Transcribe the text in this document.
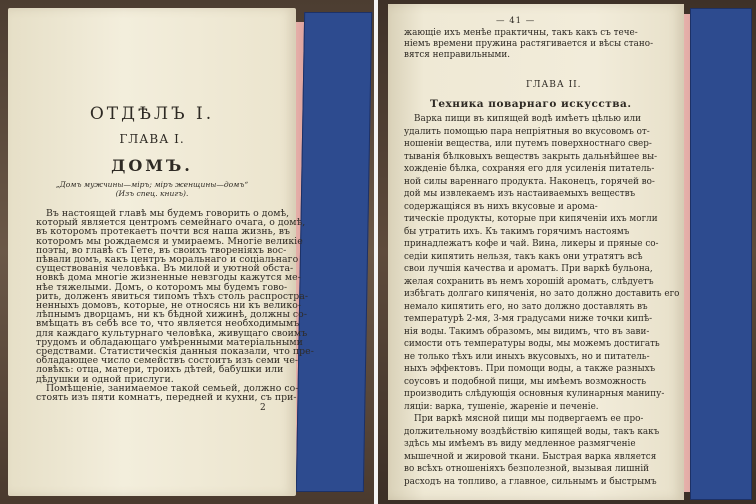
ОТДѢЛЪ I.
ГЛАВА I.
ДОМЪ.
„Домъ мужчины—міръ; міръ женщины—домъ“
(Изъ спец. книгъ).
Въ настоящей главѣ мы будемъ говорить о домѣ,
который является центромъ семейнаго очага, о домѣ,
въ которомъ протекаетъ почти вся наша жизнь, въ
которомъ мы рождаемся и умираемъ. Многіе великіе
поэты, во главѣ съ Гете, въ своихъ твореніяхъ вос-
пѣвали домъ, какъ центръ моральнаго и соціальнаго
существованія человѣка. Въ милой и уютной обста-
новкѣ дома многіе жизненные невзгоды кажутся ме-
нѣе тяжелыми. Домъ, о которомъ мы будемъ гово-
рить, долженъ явиться типомъ тѣхъ столь распростра-
ненныхъ домовъ, которые, не относясь ни къ велико-
лѣпнымъ дворцамъ, ни къ бѣдной хижинѣ, должны со-
вмѣщать въ себѣ все то, что является необходимымъ
для каждаго культурнаго человѣка, живущаго своимъ
трудомъ и обладающаго умѣренными матеріальными
средствами. Статистическія данныя показали, что пре-
обладающее число семействъ состоитъ изъ семи че-
ловѣкъ: отца, матери, троихъ дѣтей, бабушки или
дѣдушки и одной прислуги.
Помѣщеніе, занимаемое такой семьей, должно со-
стоять изъ пяти комнатъ, передней и кухни, съ при-
2
— 41 —
жающіе ихъ менѣе практичны, такъ какъ съ тече-
ніемъ времени пружина растягивается и вѣсы стано-
вятся неправильными.
ГЛАВА II.
Техника поварнаго искусства.
Варка пищи въ кипящей водѣ имѣетъ цѣлью или
удалить помощью пара непріятныя во вкусовомъ от-
ношеніи вещества, или путемъ поверхностнаго свер-
тыванія бѣлковыхъ веществъ закрыть дальнѣйшее вы-
хожденіе бѣлка, сохраняя его для усиленія питатель-
ной силы вареннаго продукта. Наконецъ, горячей во-
дой мы извлекаемъ изъ настаиваемыхъ веществъ
содержащіяся въ нихъ вкусовые и арома-
тическіе продукты, которые при кипяченіи ихъ могли
бы утратить ихъ. Къ такимъ горячимъ настоямъ
принадлежатъ кофе и чай. Вина, ликеры и пряные со-
седіи кипятить нельзя, такъ какъ они утратятъ всѣ
свои лучшія качества и ароматъ. При варкѣ бульона,
желая сохранить въ немъ хорошій ароматъ, слѣдуетъ
избѣгать долгаго кипяченія, но зато должно доставить его
немало кипятить его, но зато должно доставлять въ
температурѣ 2-мя, 3-мя градусами ниже точки кипѣ-
нія воды. Такимъ образомъ, мы видимъ, что въ зави-
симости отъ температуры воды, мы можемъ достигать
не только тѣхъ или иныхъ вкусовыхъ, но и питатель-
ныхъ эффектовъ. При помощи воды, а также разныхъ
соусовъ и подобной пищи, мы имѣемъ возможность
производить слѣдующія основныя кулинарныя манипу-
ляціи: варка, тушеніе, жареніе и печеніе.
При варкѣ мясной пищи мы подвергаемъ ее про-
должительному воздѣйствію кипящей воды, такъ какъ
здѣсь мы имѣемъ въ виду медленное размягченіе
мышечной и жировой ткани. Быстрая варка является
во всѣхъ отношеніяхъ безполезной, вызывая лишній
расходъ на топливо, а главное, сильнымъ и быстрымъ
